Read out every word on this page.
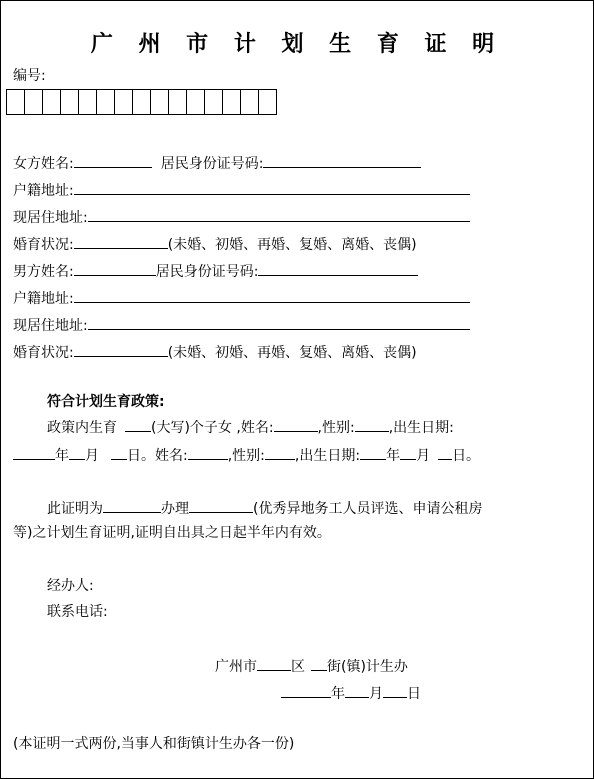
广 州 市 计 划 生 育 证 明
编号:
女方姓名:	居民身份证号码:
户籍地址:
现居住地址:
婚育状况:	(未婚、初婚、再婚、复婚、离婚、丧偶)
男方姓名:	居民身份证号码:
户籍地址:
现居住地址:
婚育状况:	(未婚、初婚、再婚、复婚、离婚、丧偶)
符合计划生育政策:
政策内生育 (大写)个子女 ,姓名:	,性别: ,出生日期:
年 月 日。姓名:	,性别: ,出生日期: 年 月 日。
此证明为	办理	(优秀异地务工人员评选、申请公租房
等)之计划生育证明,证明自出具之日起半年内有效。
经办人:
联系电话:
广州市 区 街(镇)计生办
年 月 日
(本证明一式两份,当事人和街镇计生办各一份)
